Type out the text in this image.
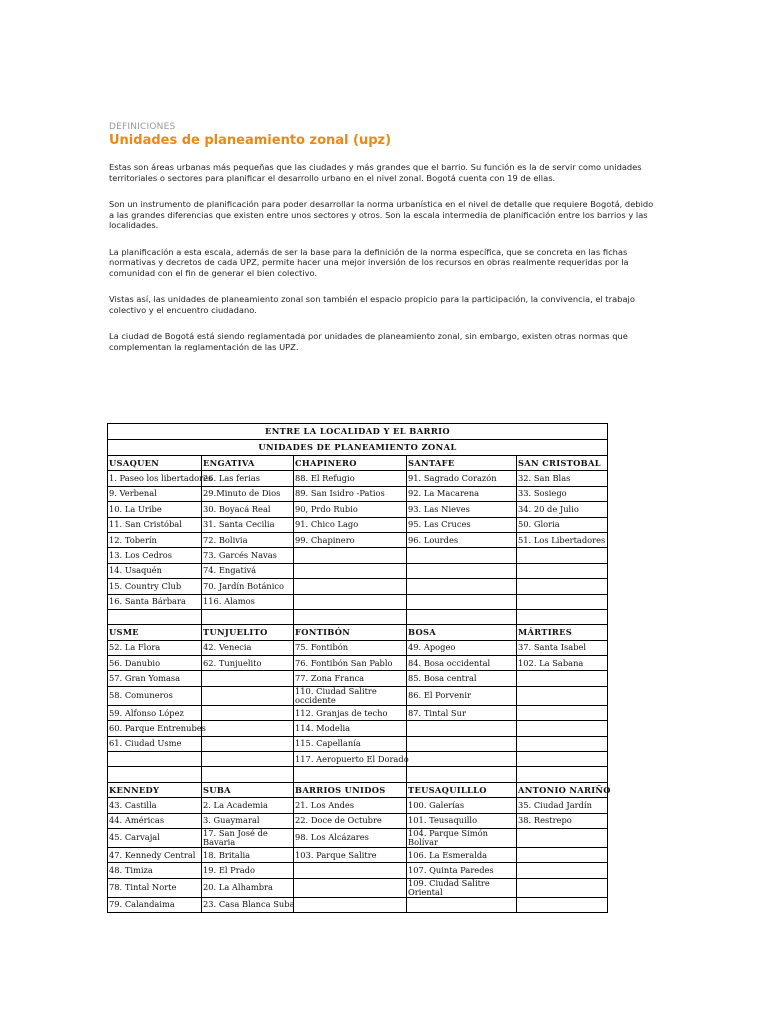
DEFINICIONES

Unidades de planeamiento zonal (upz)

Estas son áreas urbanas más pequeñas que las ciudades y más grandes que el barrio. Su función es la de servir como unidades territoriales o sectores para planificar el desarrollo urbano en el nivel zonal. Bogotá cuenta con 19 de ellas.

Son un instrumento de planificación para poder desarrollar la norma urbanística en el nivel de detalle que requiere Bogotá, debido a las grandes diferencias que existen entre unos sectores y otros. Son la escala intermedia de planificación entre los barrios y las localidades.

La planificación a esta escala, además de ser la base para la definición de la norma específica, que se concreta en las fichas normativas y decretos de cada UPZ, permite hacer una mejor inversión de los recursos en obras realmente requeridas por la comunidad con el fin de generar el bien colectivo.

Vistas así, las unidades de planeamiento zonal son también el espacio propicio para la participación, la convivencia, el trabajo colectivo y el encuentro ciudadano.

La ciudad de Bogotá está siendo reglamentada por unidades de planeamiento zonal, sin embargo, existen otras normas que complementan la reglamentación de las UPZ.

ENTRE LA LOCALIDAD Y EL BARRIO				
UNIDADES DE PLANEAMIENTO ZONAL				
USAQUEN	ENGATIVA	CHAPINERO	SANTAFE	SAN CRISTOBAL
1. Paseo los libertadores	26. Las ferias	88. El Refugio	91. Sagrado Corazón	32. San Blas
9. Verbenal	29.Minuto de Dios	89. San Isidro -Patios	92. La Macarena	33. Sosiego
10. La Uribe	30. Boyacá Real	90, Prdo Rubio	93. Las Nieves	34. 20 de Julio
11. San Cristóbal	31. Santa Cecilia	91. Chico Lago	95. Las Cruces	50. Gloria
12. Toberín	72. Bolivia	99. Chapinero	96. Lourdes	51. Los Libertadores
13. Los Cedros	73. Garcés Navas			
14. Usaquén	74. Engativá			
15. Country Club	70. Jardín Botánico			
16. Santa Bárbara	116. Alamos			

USME	TUNJUELITO	FONTIBÓN	BOSA	MÁRTIRES
52. La Flora	42. Venecia	75. Fontibón	49. Apogeo	37. Santa Isabel
56. Danubio	62. Tunjuelito	76. Fontibón San Pablo	84. Bosa occidental	102. La Sabana
57. Gran Yomasa		77. Zona Franca	85. Bosa central	
58. Comuneros		110. Ciudad Salitre occidente	86. El Porvenir	
59. Alfonso López		112. Granjas de techo	87. Tintal Sur	
60. Parque Entrenubes		114. Modelia		
61. Ciudad Usme		115. Capellanía		
		117. Aeropuerto El Dorado		

KENNEDY	SUBA	BARRIOS UNIDOS	TEUSAQUILLLO	ANTONIO NARIÑO
43. Castilla	2. La Academia	21. Los Andes	100. Galerías	35. Ciudad Jardín
44. Américas	3. Guaymaral	22. Doce de Octubre	101. Teusaquillo	38. Restrepo
45. Carvajal	17. San José de Bavaria	98. Los Alcázares	104. Parque Simón Bolívar	
47. Kennedy Central	18. Britalia	103. Parque Salitre	106. La Esmeralda	
48. Timiza	19. El Prado		107. Quinta Paredes	
78. Tintal Norte	20. La Alhambra		109. Ciudad Salitre Oriental	
79. Calandaima	23. Casa Blanca Suba			
